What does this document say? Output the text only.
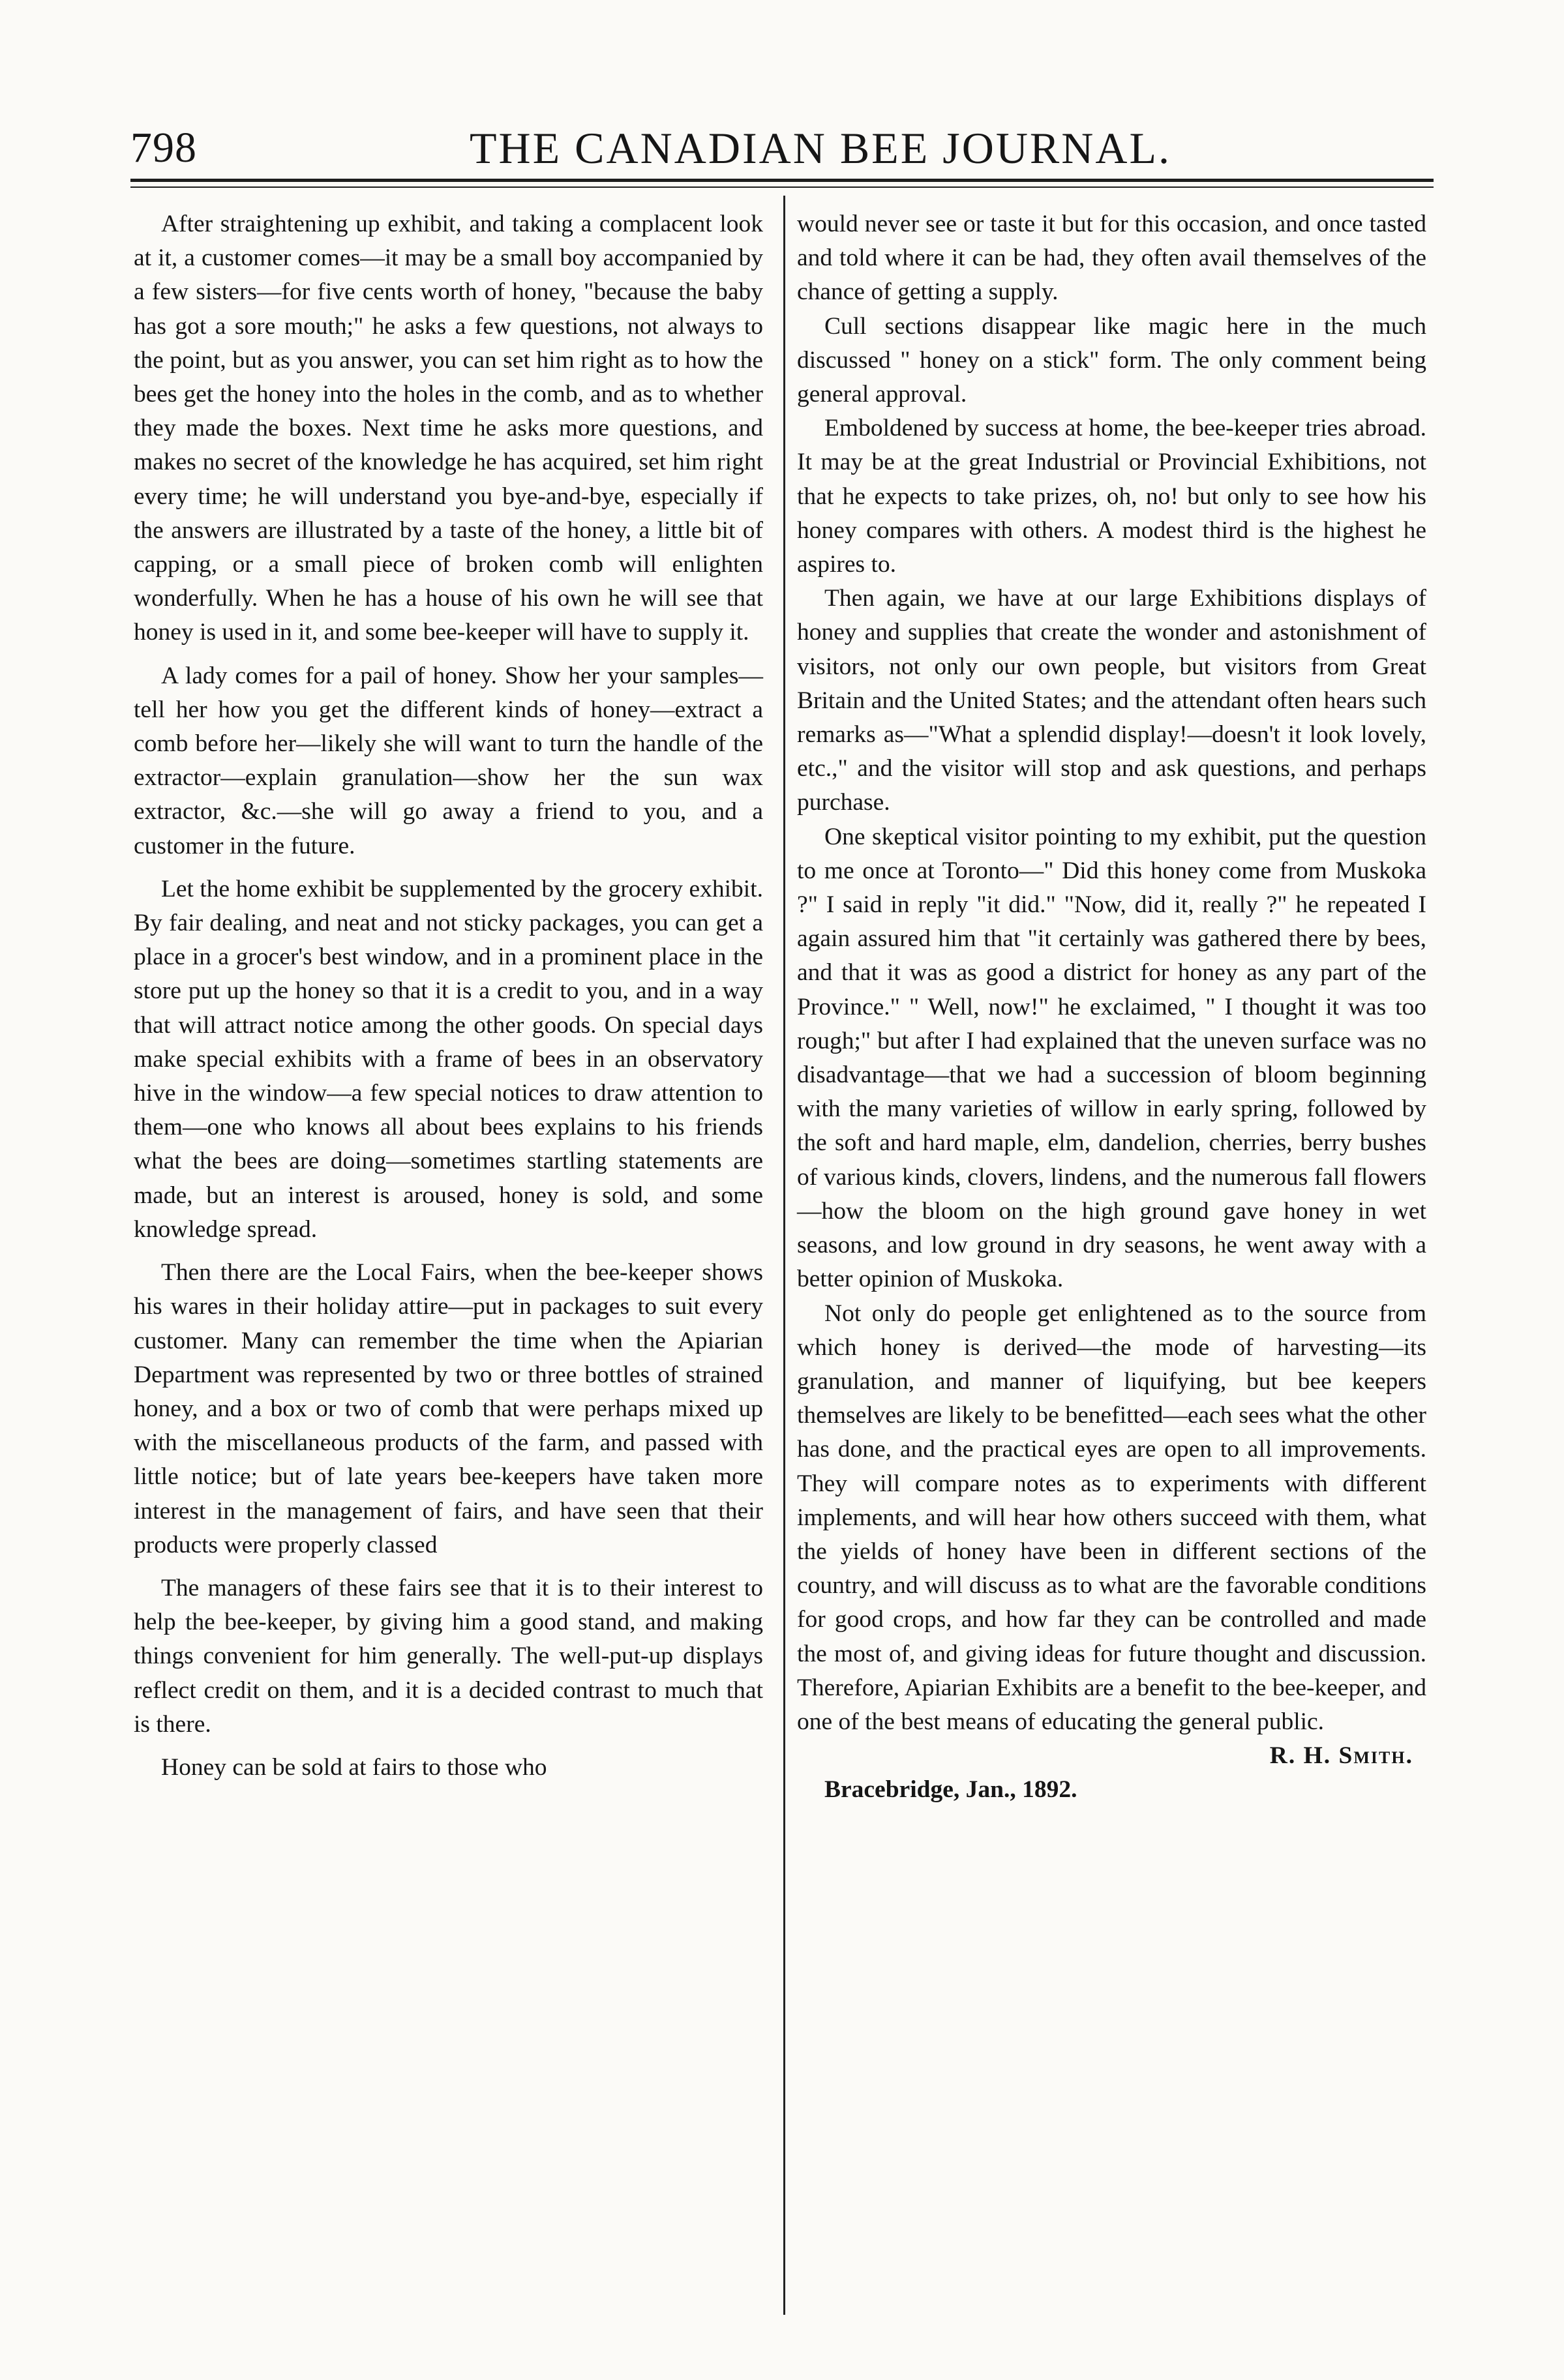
798	THE CANADIAN BEE JOURNAL.

After straightening up exhibit, and taking a complacent look at it, a customer comes—it may be a small boy accompanied by a few sisters—for five cents worth of honey, "because the baby has got a sore mouth;" he asks a few questions, not always to the point, but as you answer, you can set him right as to how the bees get the honey into the holes in the comb, and as to whether they made the boxes. Next time he asks more questions, and makes no secret of the knowledge he has acquired, set him right every time; he will understand you bye-and-bye, especially if the answers are illustrated by a taste of the honey, a little bit of capping, or a small piece of broken comb will enlighten wonderfully. When he has a house of his own he will see that honey is used in it, and some bee-keeper will have to supply it.

A lady comes for a pail of honey. Show her your samples—tell her how you get the different kinds of honey—extract a comb before her—likely she will want to turn the handle of the extractor—explain granulation—show her the sun wax extractor, &c.—she will go away a friend to you, and a customer in the future.

Let the home exhibit be supplemented by the grocery exhibit. By fair dealing, and neat and not sticky packages, you can get a place in a grocer's best window, and in a prominent place in the store put up the honey so that it is a credit to you, and in a way that will attract notice among the other goods. On special days make special exhibits with a frame of bees in an observatory hive in the window—a few special notices to draw attention to them—one who knows all about bees explains to his friends what the bees are doing—sometimes startling statements are made, but an interest is aroused, honey is sold, and some knowledge spread.

Then there are the Local Fairs, when the bee-keeper shows his wares in their holiday attire—put in packages to suit every customer. Many can remember the time when the Apiarian Department was represented by two or three bottles of strained honey, and a box or two of comb that were perhaps mixed up with the miscellaneous products of the farm, and passed with little notice; but of late years bee-keepers have taken more interest in the management of fairs, and have seen that their products were properly classed

The managers of these fairs see that it is to their interest to help the bee-keeper, by giving him a good stand, and making things convenient for him generally. The well-put-up displays reflect credit on them, and it is a decided contrast to much that is there.

Honey can be sold at fairs to those who

would never see or taste it but for this occasion, and once tasted and told where it can be had, they often avail themselves of the chance of getting a supply.

Cull sections disappear like magic here in the much discussed " honey on a stick" form. The only comment being general approval.

Emboldened by success at home, the bee-keeper tries abroad. It may be at the great Industrial or Provincial Exhibitions, not that he expects to take prizes, oh, no! but only to see how his honey compares with others. A modest third is the highest he aspires to.

Then again, we have at our large Exhibitions displays of honey and supplies that create the wonder and astonishment of visitors, not only our own people, but visitors from Great Britain and the United States; and the attendant often hears such remarks as—"What a splendid display!—doesn't it look lovely, etc.," and the visitor will stop and ask questions, and perhaps purchase.

One skeptical visitor pointing to my exhibit, put the question to me once at Toronto—" Did this honey come from Muskoka ?" I said in reply "it did." "Now, did it, really ?" he repeated I again assured him that "it certainly was gathered there by bees, and that it was as good a district for honey as any part of the Province." " Well, now!" he exclaimed, " I thought it was too rough;" but after I had explained that the uneven surface was no disadvantage—that we had a succession of bloom beginning with the many varieties of willow in early spring, followed by the soft and hard maple, elm, dandelion, cherries, berry bushes of various kinds, clovers, lindens, and the numerous fall flowers—how the bloom on the high ground gave honey in wet seasons, and low ground in dry seasons, he went away with a better opinion of Muskoka.

Not only do people get enlightened as to the source from which honey is derived—the mode of harvesting—its granulation, and manner of liquifying, but bee keepers themselves are likely to be benefitted—each sees what the other has done, and the practical eyes are open to all improvements. They will compare notes as to experiments with different implements, and will hear how others succeed with them, what the yields of honey have been in different sections of the country, and will discuss as to what are the favorable conditions for good crops, and how far they can be controlled and made the most of, and giving ideas for future thought and discussion. Therefore, Apiarian Exhibits are a benefit to the bee-keeper, and one of the best means of educating the general public.

R. H. Smith.

Bracebridge, Jan., 1892.
